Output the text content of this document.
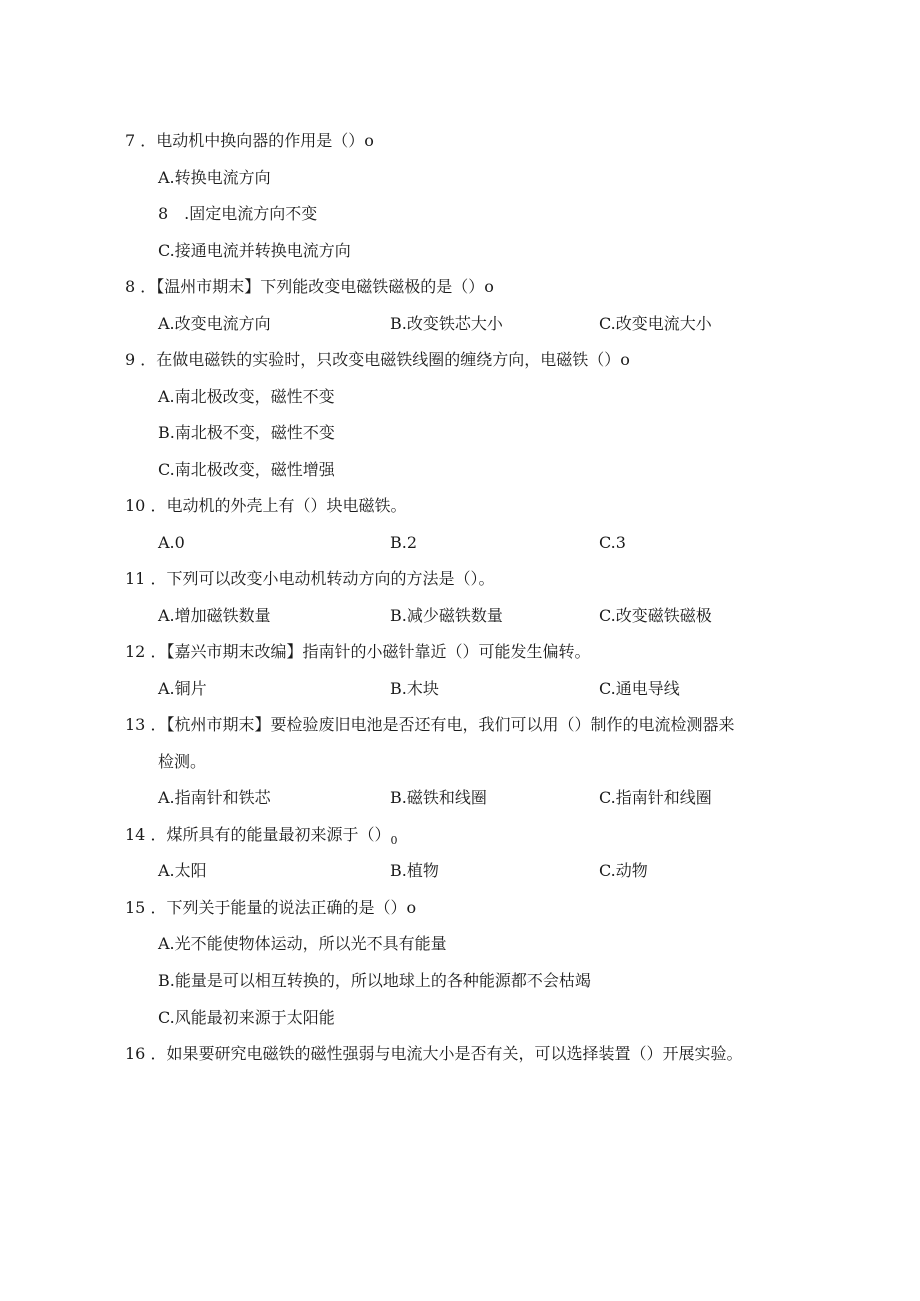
7 ．电动机中换向器的作用是（）o
A.转换电流方向
8　.固定电流方向不变
C.接通电流并转换电流方向
8 ．【温州市期末】下列能改变电磁铁磁极的是（）o
A.改变电流方向	B.改变铁芯大小	C.改变电流大小
9 ．在做电磁铁的实验时，只改变电磁铁线圈的缠绕方向，电磁铁（）o
A.南北极改变，磁性不变
B.南北极不变，磁性不变
C.南北极改变，磁性增强
10 ．电动机的外壳上有（）块电磁铁。
A.0	B.2	C.3
11 ．下列可以改变小电动机转动方向的方法是（）。
A.增加磁铁数量	B.减少磁铁数量	C.改变磁铁磁极
12 ．【嘉兴市期末改编】指南针的小磁针靠近（）可能发生偏转。
A.铜片	B.木块	C.通电导线
13 ．【杭州市期末】要检验废旧电池是否还有电，我们可以用（）制作的电流检测器来
检测。
A.指南针和铁芯	B.磁铁和线圈	C.指南针和线圈
14 ．煤所具有的能量最初来源于$()_0$
A.太阳	B.植物	C.动物
15 ．下列关于能量的说法正确的是（）o
A.光不能使物体运动，所以光不具有能量
B.能量是可以相互转换的，所以地球上的各种能源都不会枯竭
C.风能最初来源于太阳能
16 ．如果要研究电磁铁的磁性强弱与电流大小是否有关，可以选择装置（）开展实验。
